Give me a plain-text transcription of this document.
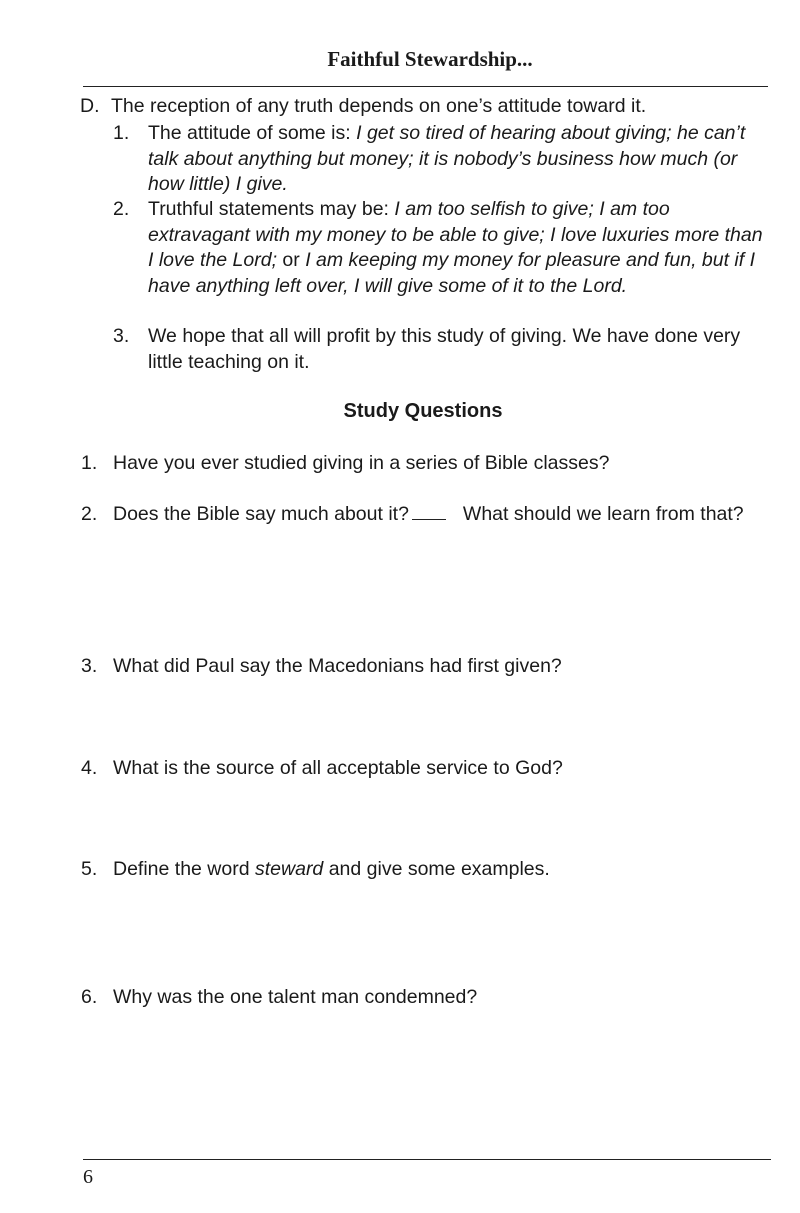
Faithful Stewardship...
D. The reception of any truth depends on one’s attitude toward it.
1. The attitude of some is: I get so tired of hearing about giving; he can’t talk about anything but money; it is nobody’s business how much (or how little) I give.
2. Truthful statements may be: I am too selfish to give; I am too extravagant with my money to be able to give; I love luxuries more than I love the Lord; or I am keeping my money for pleasure and fun, but if I have anything left over, I will give some of it to the Lord.
3. We hope that all will profit by this study of giving. We have done very little teaching on it.
Study Questions
1. Have you ever studied giving in a series of Bible classes?
2. Does the Bible say much about it?	What should we learn from that?
3. What did Paul say the Macedonians had first given?
4. What is the source of all acceptable service to God?
5. Define the word steward and give some examples.
6. Why was the one talent man condemned?
6
